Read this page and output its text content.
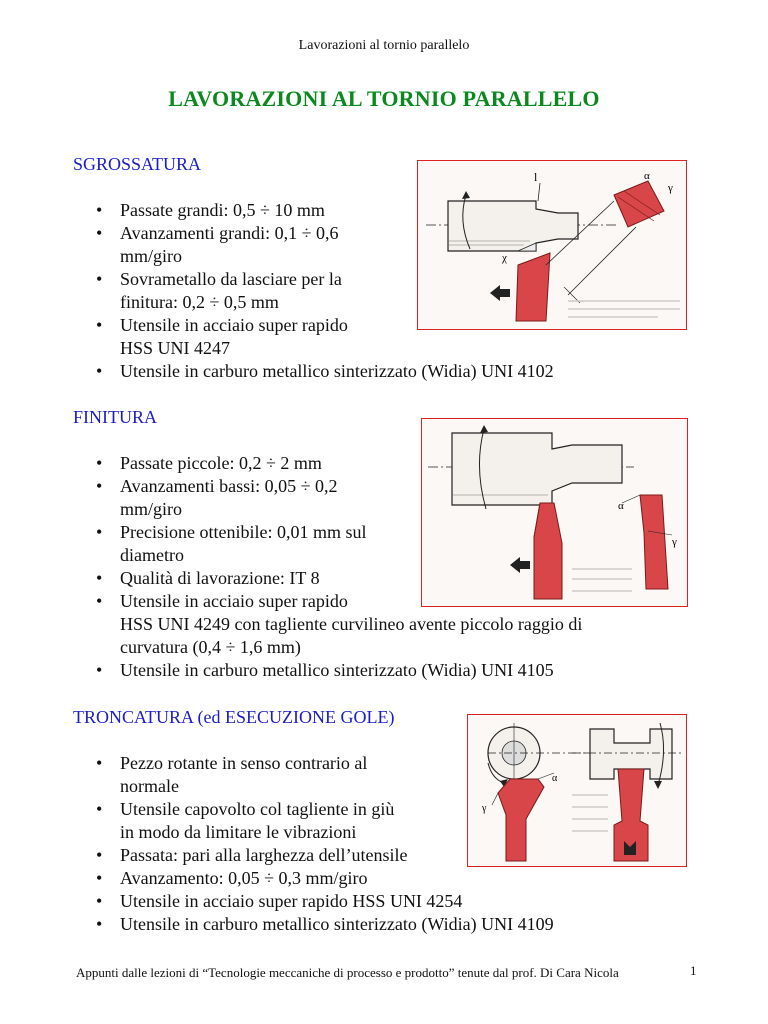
Lavorazioni al tornio parallelo
LAVORAZIONI AL TORNIO PARALLELO
SGROSSATURA
• Passate grandi: 0,5 ÷ 10 mm
• Avanzamenti grandi: 0,1 ÷ 0,6
mm/giro
• Sovrametallo da lasciare per la
finitura: 0,2 ÷ 0,5 mm
• Utensile in acciaio super rapido
HSS UNI 4247
• Utensile in carburo metallico sinterizzato (Widia) UNI 4102
l	α
γ
χ
FINITURA
• Passate piccole: 0,2 ÷ 2 mm
• Avanzamenti bassi: 0,05 ÷ 0,2
mm/giro
• Precisione ottenibile: 0,01 mm sul
diametro
• Qualità di lavorazione: IT 8
• Utensile in acciaio super rapido
HSS UNI 4249 con tagliente curvilineo avente piccolo raggio di
curvatura (0,4 ÷ 1,6 mm)
• Utensile in carburo metallico sinterizzato (Widia) UNI 4105
α
γ
TRONCATURA (ed ESECUZIONE GOLE)
• Pezzo rotante in senso contrario al
normale
• Utensile capovolto col tagliente in giù
in modo da limitare le vibrazioni
• Passata: pari alla larghezza dell’utensile
• Avanzamento: 0,05 ÷ 0,3 mm/giro
• Utensile in acciaio super rapido HSS UNI 4254
• Utensile in carburo metallico sinterizzato (Widia) UNI 4109
α
γ
Appunti dalle lezioni di “Tecnologie meccaniche di processo e prodotto” tenute dal prof. Di Cara Nicola	1
